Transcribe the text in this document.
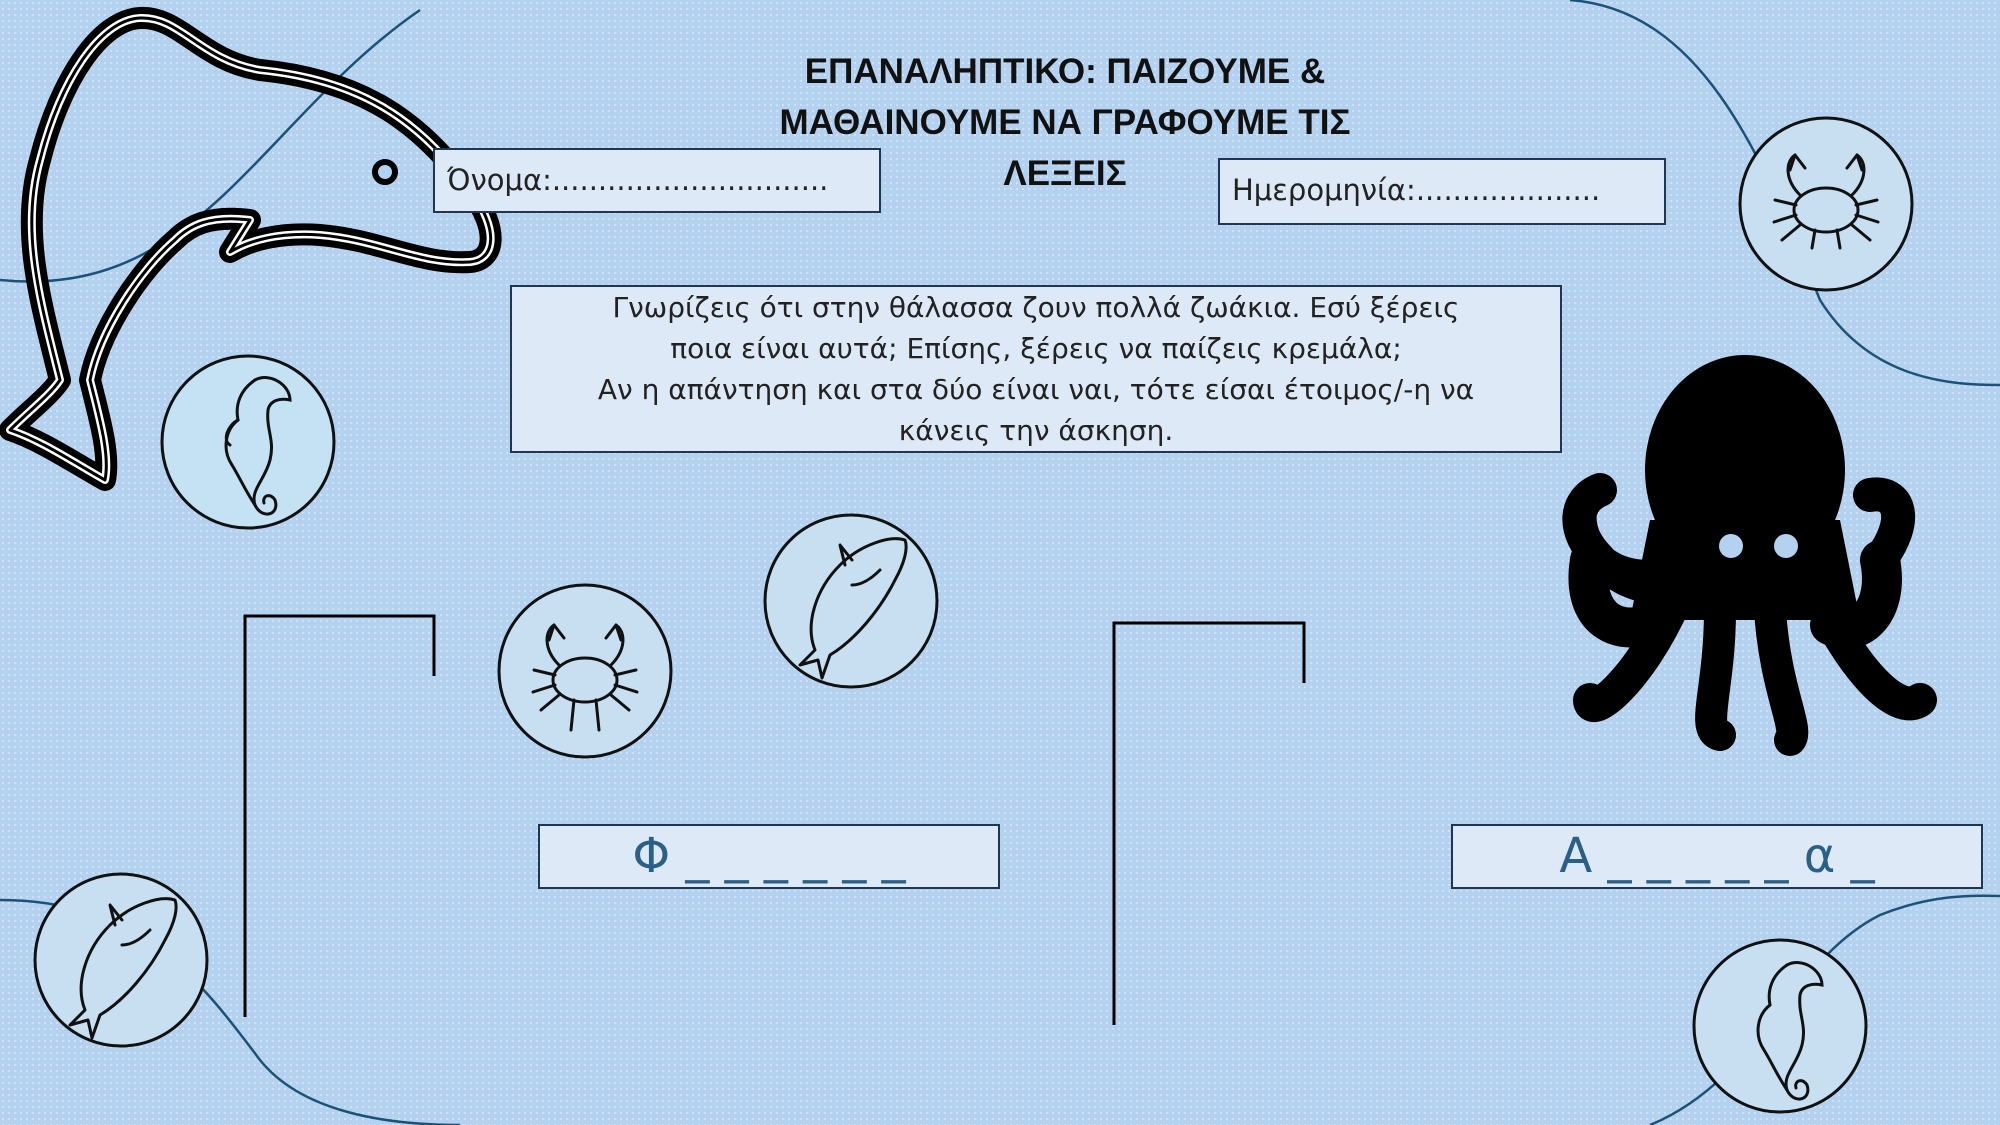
ΕΠΑΝΑΛΗΠΤΙΚΟ: ΠΑΙΖΟΥΜΕ &
ΜΑΘΑΙΝΟΥΜΕ ΝΑ ΓΡΑΦΟΥΜΕ ΤΙΣ
ΛΕΞΕΙΣ
Όνομα:..............................	Ημερομηνία:....................
Γνωρίζεις ότι στην θάλασσα ζουν πολλά ζωάκια. Εσύ ξέρεις
ποια είναι αυτά; Επίσης, ξέρεις να παίζεις κρεμάλα;
Αν η απάντηση και στα δύο είναι ναι, τότε είσαι έτοιμος/-η να
κάνεις την άσκηση.
Φ _ _ _ _ _ _	Α _ _ _ _ _ α _
